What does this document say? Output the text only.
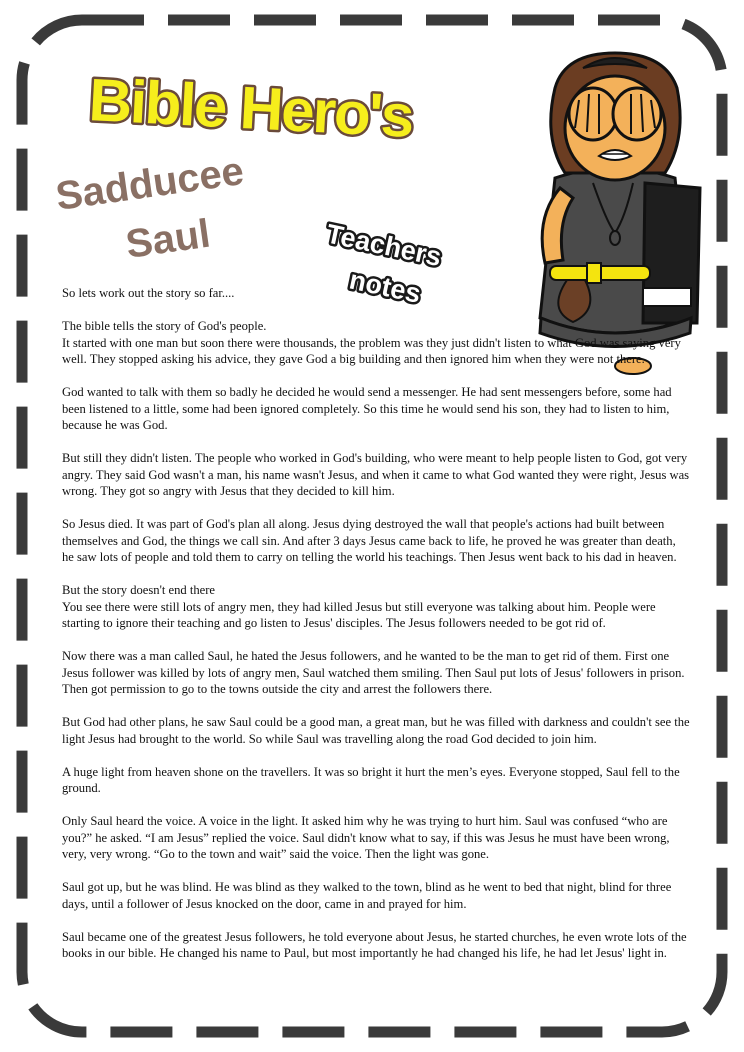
Bible Hero's
Sadducee
Saul	Teachers
notes

So lets work out the story so far....

The bible tells the story of God's people.

It started with one man but soon there were thousands, the problem was they just didn't listen to what God was saying very well. They stopped asking his advice, they gave God a big building and then ignored him when they were not there.

God wanted to talk with them so badly he decided he would send a messenger. He had sent messengers before, some had been listened to a little, some had been ignored completely. So this time he would send his son, they had to listen to him, because he was God.

But still they didn't listen. The people who worked in God's building, who were meant to help people listen to God, got very angry. They said God wasn't a man, his name wasn't Jesus, and when it came to what God wanted they were right, Jesus was wrong. They got so angry with Jesus that they decided to kill him.

So Jesus died. It was part of God's plan all along. Jesus dying destroyed the wall that people's actions had built between themselves and God, the things we call sin. And after 3 days Jesus came back to life, he proved he was greater than death, he saw lots of people and told them to carry on telling the world his teachings. Then Jesus went back to his dad in heaven.

But the story doesn't end there

You see there were still lots of angry men, they had killed Jesus but still everyone was talking about him. People were starting to ignore their teaching and go listen to Jesus' disciples. The Jesus followers needed to be got rid of.

Now there was a man called Saul, he hated the Jesus followers, and he wanted to be the man to get rid of them. First one Jesus follower was killed by lots of angry men, Saul watched them smiling. Then Saul put lots of Jesus' followers in prison. Then got permission to go to the towns outside the city and arrest the followers there.

But God had other plans, he saw Saul could be a good man, a great man, but he was filled with darkness and couldn't see the light Jesus had brought to the world. So while Saul was travelling along the road God decided to join him.

A huge light from heaven shone on the travellers. It was so bright it hurt the men’s eyes. Everyone stopped, Saul fell to the ground.

Only Saul heard the voice. A voice in the light. It asked him why he was trying to hurt him. Saul was confused “who are you?” he asked. “I am Jesus” replied the voice. Saul didn't know what to say, if this was Jesus he must have been wrong, very, very wrong. “Go to the town and wait” said the voice. Then the light was gone.

Saul got up, but he was blind. He was blind as they walked to the town, blind as he went to bed that night, blind for three days, until a follower of Jesus knocked on the door, came in and prayed for him.

Saul became one of the greatest Jesus followers, he told everyone about Jesus, he started churches, he even wrote lots of the books in our bible. He changed his name to Paul, but most importantly he had changed his life, he had let Jesus' light in.
